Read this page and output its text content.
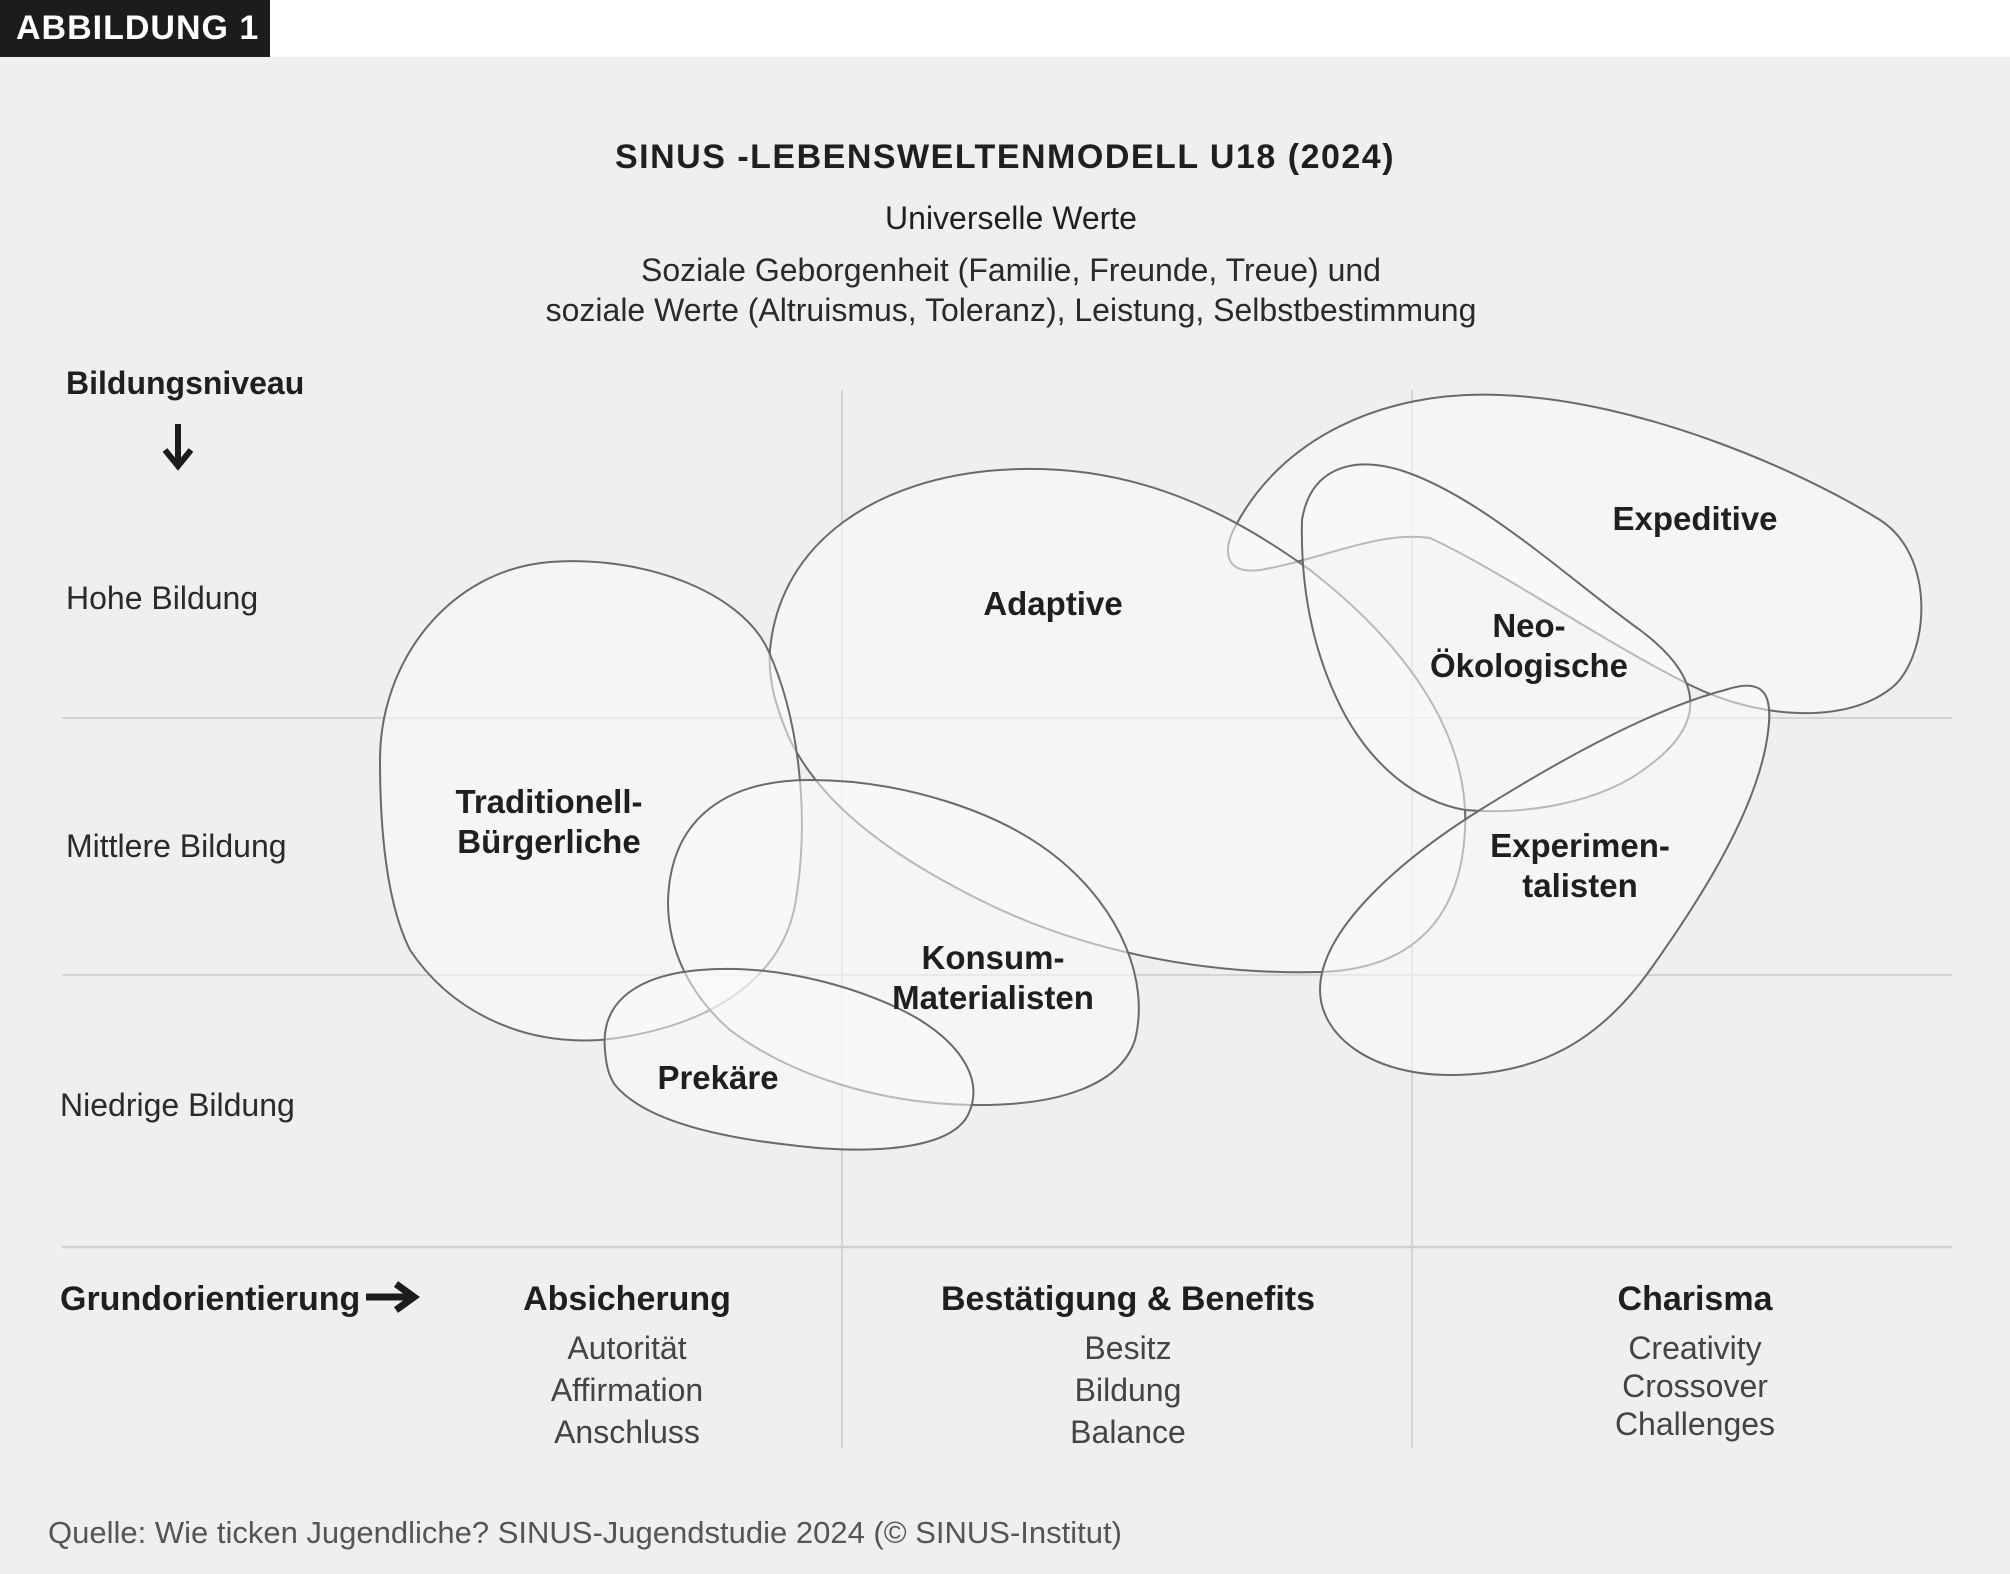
ABBILDUNG 1
SINUS -LEBENSWELTENMODELL U18 (2024)
Universelle Werte
Soziale Geborgenheit (Familie, Freunde, Treue) und
soziale Werte (Altruismus, Toleranz), Leistung, Selbstbestimmung
Bildungsniveau
Hohe Bildung
Mittlere Bildung
Niedrige Bildung
Traditionell-
Bürgerliche
Adaptive
Expeditive
Neo-
Ökologische
Experimen-
talisten
Konsum-
Materialisten
Prekäre
Grundorientierung	Absicherung
Autorität
Affirmation
Anschluss
Bestätigung & Benefits
Besitz
Bildung
Balance
Charisma
Creativity
Crossover
Challenges
Quelle: Wie ticken Jugendliche? SINUS-Jugendstudie 2024 (© SINUS-Institut)
